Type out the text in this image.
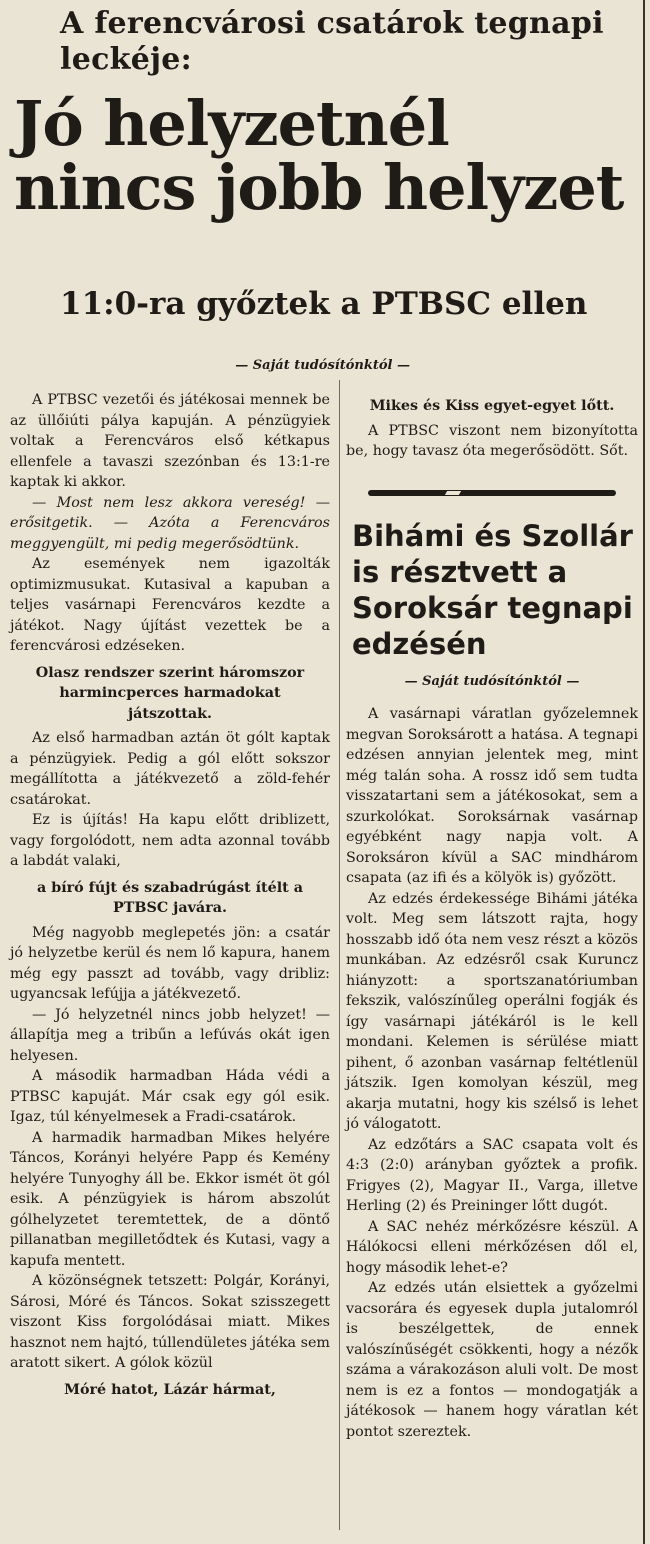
A ferencvárosi csatárok tegnapi leckéje:
Jó helyzetnél nincs jobb helyzet
11:0-ra győztek a PTBSC ellen
— Saját tudósítónktól —

A PTBSC vezetői és játékosai mennek be az üllőiúti pálya kapuján. A pénzügyiek voltak a Ferencváros első kétkapus ellenfele a tavaszi szezónban és 13:1-re kaptak ki akkor.

— Most nem lesz akkora vereség! — erősitgetik. — Azóta a Ferencváros meggyengült, mi pedig megerősödtünk.

Az események nem igazolták optimizmusukat. Kutasival a kapuban a teljes vasárnapi Ferencváros kezdte a játékot. Nagy újítást vezettek be a ferencvárosi edzéseken.

Olasz rendszer szerint háromszor harmincperces harmadokat játszottak.

Az első harmadban aztán öt gólt kaptak a pénzügyiek. Pedig a gól előtt sokszor megállította a játékvezető a zöld-fehér csatárokat.

Ez is újítás! Ha kapu előtt driblizett, vagy forgolódott, nem adta azonnal tovább a labdát valaki,

a bíró fújt és szabadrúgást ítélt a PTBSC javára.

Még nagyobb meglepetés jön: a csatár jó helyzetbe kerül és nem lő kapura, hanem még egy passzt ad tovább, vagy dribliz: ugyancsak lefújja a játékvezető.

— Jó helyzetnél nincs jobb helyzet! — állapítja meg a tribűn a lefúvás okát igen helyesen.

A második harmadban Háda védi a PTBSC kapuját. Már csak egy gól esik. Igaz, túl kényelmesek a Fradi-csatárok.

A harmadik harmadban Mikes helyére Táncos, Korányi helyére Papp és Kemény helyére Tunyoghy áll be. Ekkor ismét öt gól esik. A pénzügyiek is három abszolút gólhelyzetet teremtettek, de a döntő pillanatban megilletődtek és Kutasi, vagy a kapufa mentett.

A közönségnek tetszett: Polgár, Korányi, Sárosi, Móré és Táncos. Sokat szisszegett viszont Kiss forgolódásai miatt. Mikes hasznot nem hajtó, túllendületes játéka sem aratott sikert. A gólok közül

Móré hatot, Lázár hármat,

Mikes és Kiss egyet-egyet lőtt.

A PTBSC viszont nem bizonyította be, hogy tavasz óta megerősödött. Sőt.

Bihámi és Szollár is résztvett a Soroksár tegnapi edzésén
— Saját tudósítónktól —

A vasárnapi váratlan győzelemnek megvan Soroksárott a hatása. A tegnapi edzésen annyian jelentek meg, mint még talán soha. A rossz idő sem tudta visszatartani sem a játékosokat, sem a szurkolókat. Soroksárnak vasárnap egyébként nagy napja volt. A Soroksáron kívül a SAC mindhárom csapata (az ifi és a kölyök is) győzött.

Az edzés érdekessége Bihámi játéka volt. Meg sem látszott rajta, hogy hosszabb idő óta nem vesz részt a közös munkában. Az edzésről csak Kuruncz hiányzott: a sportszanatóriumban fekszik, valószínűleg operálni fogják és így vasárnapi játékáról is le kell mondani. Kelemen is sérülése miatt pihent, ő azonban vasárnap feltétlenül játszik. Igen komolyan készül, meg akarja mutatni, hogy kis szélső is lehet jó válogatott.

Az edzőtárs a SAC csapata volt és 4:3 (2:0) arányban győztek a profik. Frigyes (2), Magyar II., Varga, illetve Herling (2) és Preininger lőtt dugót.

A SAC nehéz mérkőzésre készül. A Hálókocsi elleni mérkőzésen dől el, hogy második lehet-e?

Az edzés után elsiettek a győzelmi vacsorára és egyesek dupla jutalomról is beszélgettek, de ennek valószínűségét csökkenti, hogy a nézők száma a várakozáson aluli volt. De most nem is ez a fontos — mondogatják a játékosok — hanem hogy váratlan két pontot szereztek.
